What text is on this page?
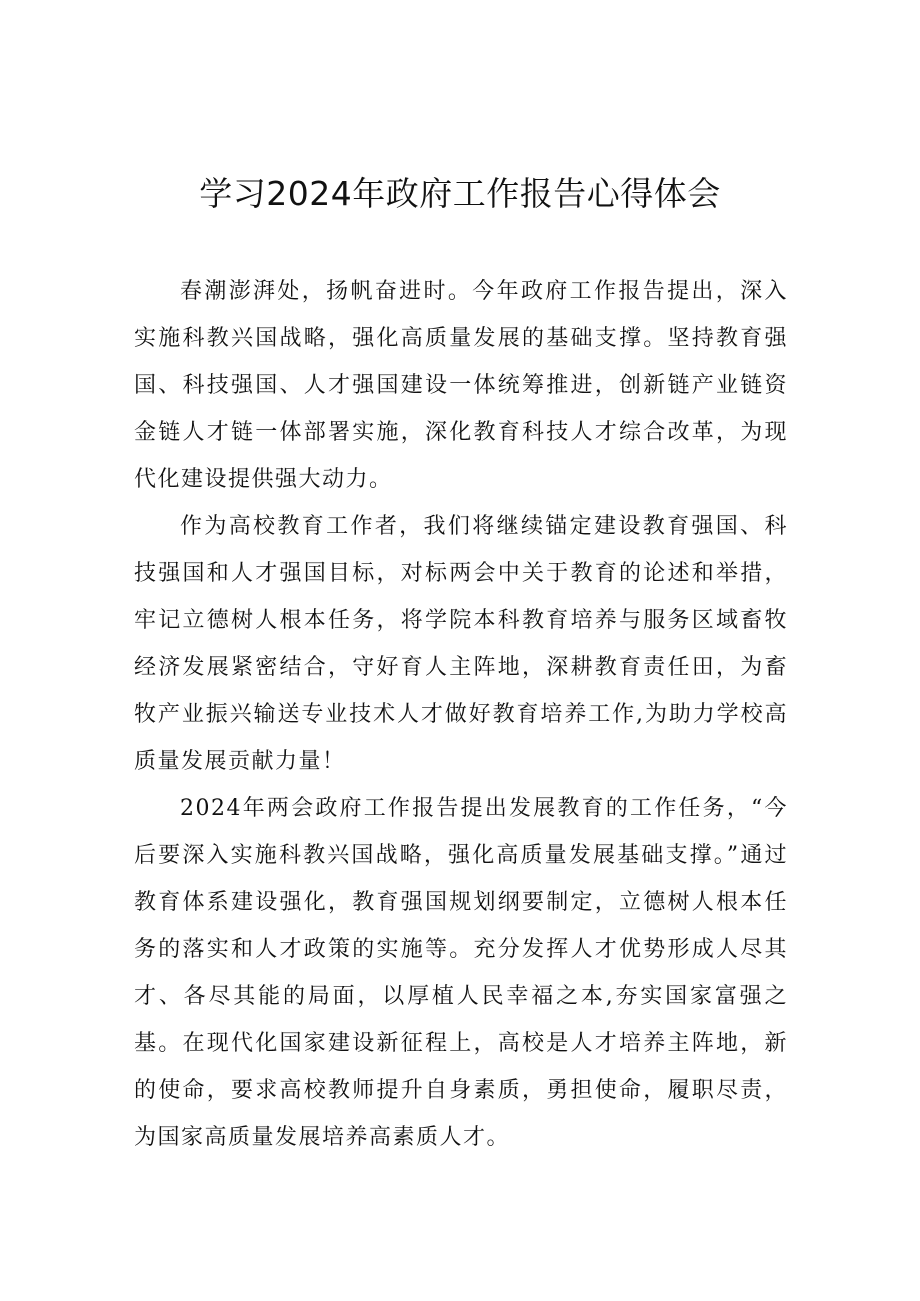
学习2024年政府工作报告心得体会

春潮澎湃处，扬帆奋进时。今年政府工作报告提出，深入实施科教兴国战略，强化高质量发展的基础支撑。坚持教育强国、科技强国、人才强国建设一体统筹推进，创新链产业链资金链人才链一体部署实施，深化教育科技人才综合改革，为现代化建设提供强大动力。

作为高校教育工作者，我们将继续锚定建设教育强国、科技强国和人才强国目标，对标两会中关于教育的论述和举措，牢记立德树人根本任务，将学院本科教育培养与服务区域畜牧经济发展紧密结合，守好育人主阵地，深耕教育责任田，为畜牧产业振兴输送专业技术人才做好教育培养工作,为助力学校高质量发展贡献力量！

2024年两会政府工作报告提出发展教育的工作任务，“今后要深入实施科教兴国战略，强化高质量发展基础支撑。”通过教育体系建设强化，教育强国规划纲要制定，立德树人根本任务的落实和人才政策的实施等。充分发挥人才优势形成人尽其才、各尽其能的局面，以厚植人民幸福之本,夯实国家富强之基。在现代化国家建设新征程上，高校是人才培养主阵地，新的使命，要求高校教师提升自身素质，勇担使命，履职尽责，为国家高质量发展培养高素质人才。
